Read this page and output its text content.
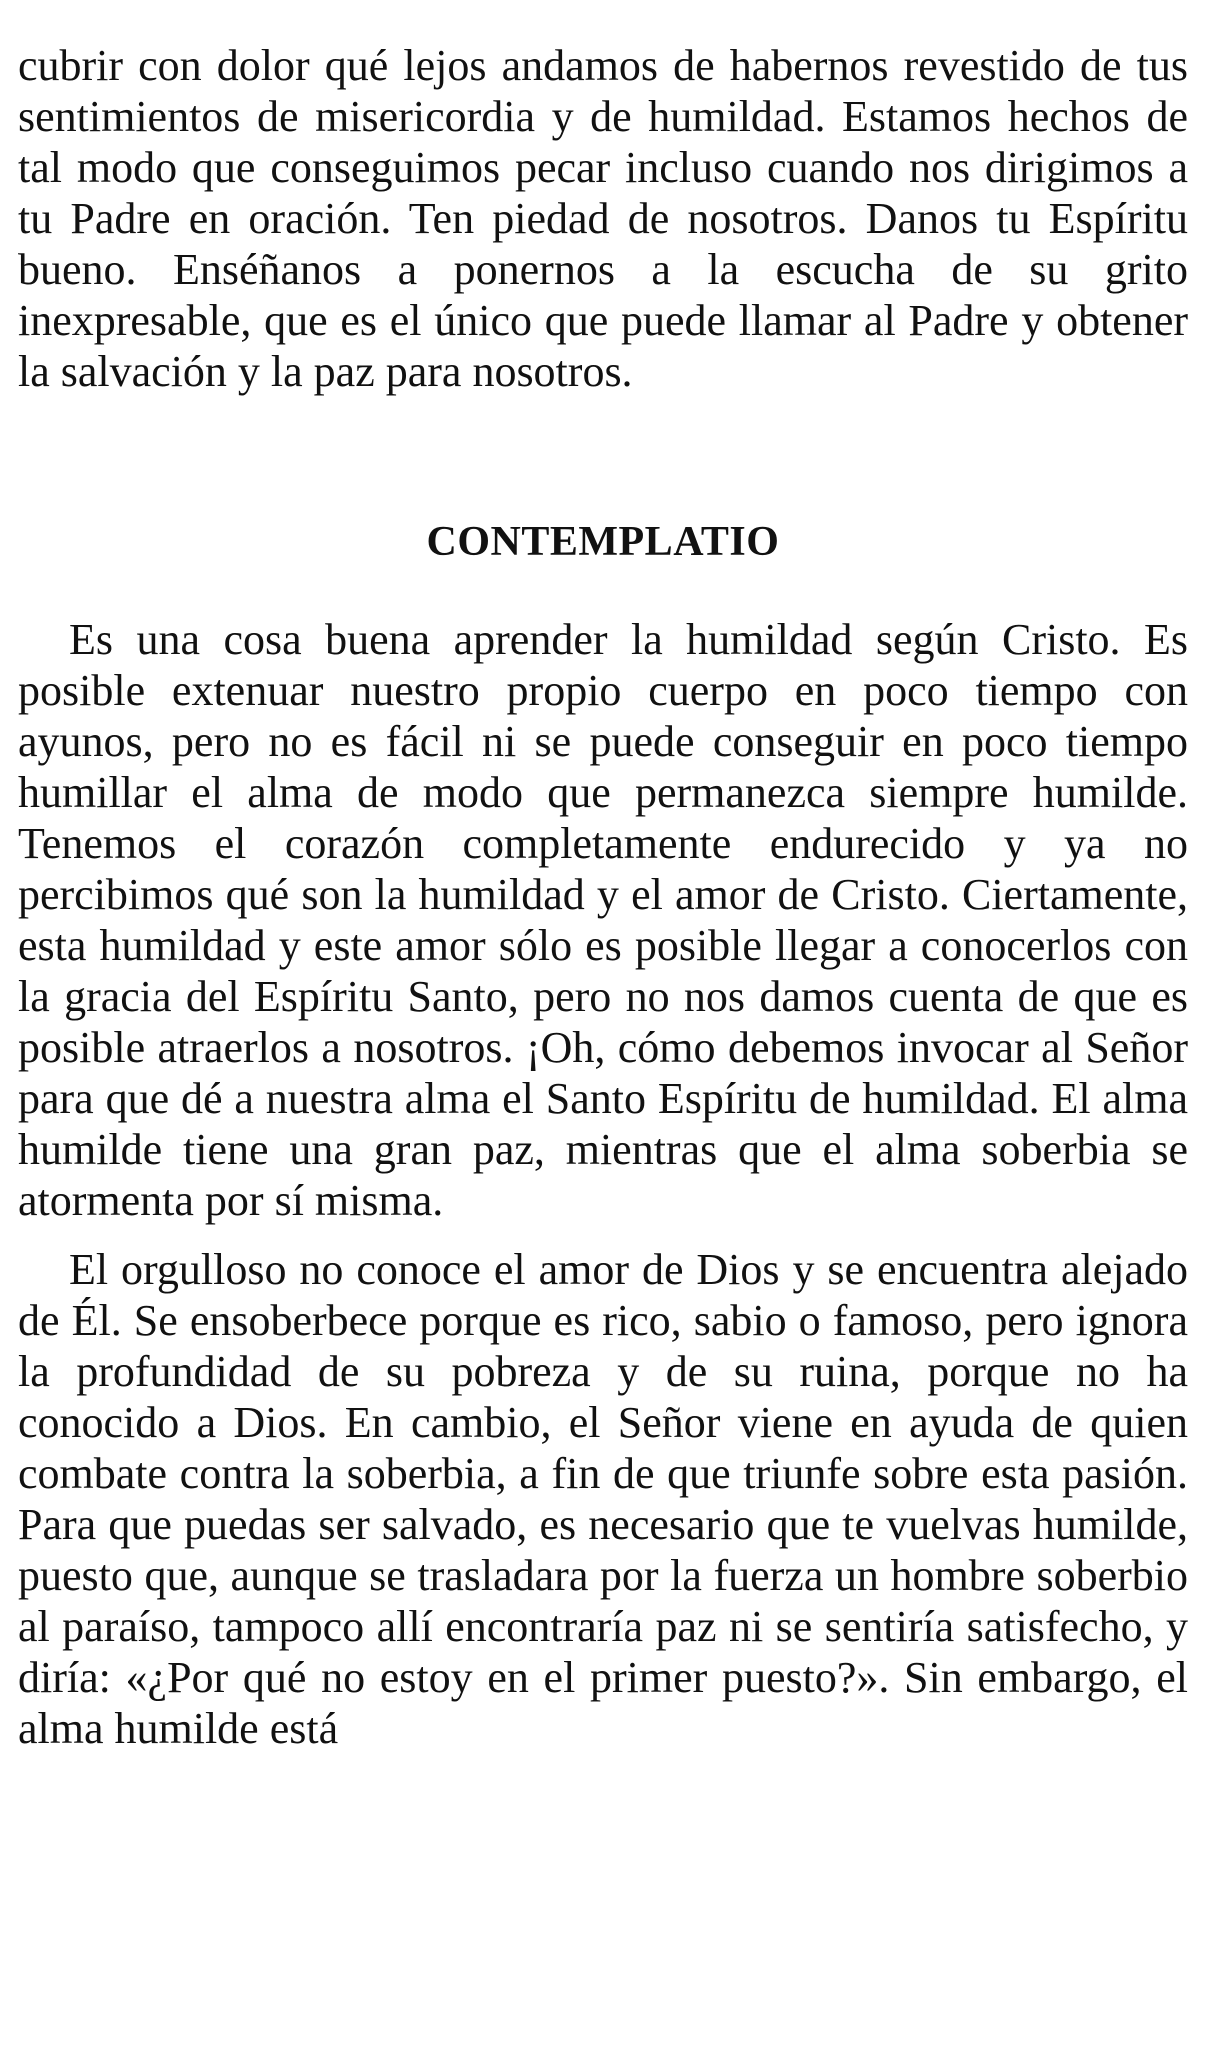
cubrir con dolor qué lejos andamos de habernos revestido de tus sentimientos de misericordia y de humildad. Estamos hechos de tal modo que conseguimos pecar incluso cuando nos dirigimos a tu Padre en oración. Ten piedad de nosotros. Danos tu Espíritu bueno. Enséñanos a ponernos a la escucha de su grito inexpresable, que es el único que puede llamar al Padre y obtener la salvación y la paz para nosotros.

CONTEMPLATIO

Es una cosa buena aprender la humildad según Cristo. Es posible extenuar nuestro propio cuerpo en poco tiempo con ayunos, pero no es fácil ni se puede conseguir en poco tiempo humillar el alma de modo que permanezca siempre humilde. Tenemos el corazón completamente endurecido y ya no percibimos qué son la humildad y el amor de Cristo. Ciertamente, esta humildad y este amor sólo es posible llegar a conocerlos con la gracia del Espíritu Santo, pero no nos damos cuenta de que es posible atraerlos a nosotros. ¡Oh, cómo debemos invocar al Señor para que dé a nuestra alma el Santo Espíritu de humildad. El alma humilde tiene una gran paz, mientras que el alma soberbia se atormenta por sí misma.

El orgulloso no conoce el amor de Dios y se encuentra alejado de Él. Se ensoberbece porque es rico, sabio o famoso, pero ignora la profundidad de su pobreza y de su ruina, porque no ha conocido a Dios. En cambio, el Señor viene en ayuda de quien combate contra la soberbia, a fin de que triunfe sobre esta pasión. Para que puedas ser salvado, es necesario que te vuelvas humilde, puesto que, aunque se trasladara por la fuerza un hombre soberbio al paraíso, tampoco allí encontraría paz ni se sentiría satisfecho, y diría: «¿Por qué no estoy en el primer puesto?». Sin embargo, el alma humilde está
